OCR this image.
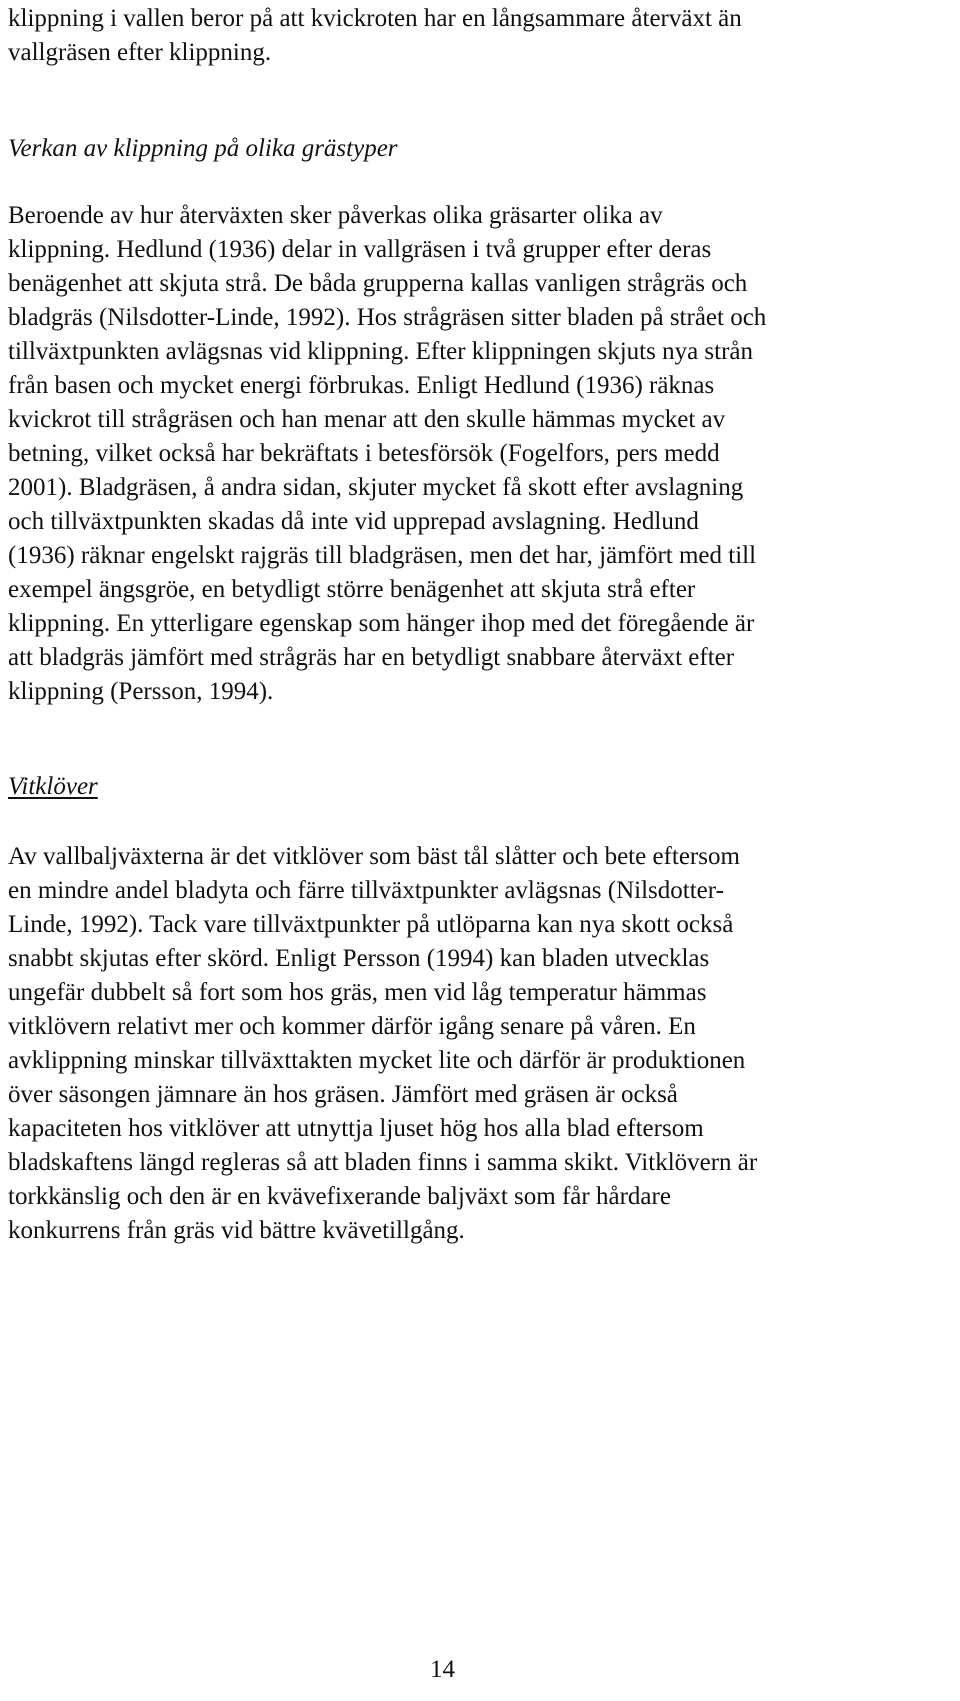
klippning i vallen beror på att kvickroten har en långsammare återväxt än

vallgräsen efter klippning.

Verkan av klippning på olika grästyper

Beroende av hur återväxten sker påverkas olika gräsarter olika av

klippning. Hedlund (1936) delar in vallgräsen i två grupper efter deras

benägenhet att skjuta strå. De båda grupperna kallas vanligen strågräs och

bladgräs (Nilsdotter-Linde, 1992). Hos strågräsen sitter bladen på strået och

tillväxtpunkten avlägsnas vid klippning. Efter klippningen skjuts nya strån

från basen och mycket energi förbrukas. Enligt Hedlund (1936) räknas

kvickrot till strågräsen och han menar att den skulle hämmas mycket av

betning, vilket också har bekräftats i betesförsök (Fogelfors, pers medd

2001). Bladgräsen, å andra sidan, skjuter mycket få skott efter avslagning

och tillväxtpunkten skadas då inte vid upprepad avslagning. Hedlund

(1936) räknar engelskt rajgräs till bladgräsen, men det har, jämfört med till

exempel ängsgröe, en betydligt större benägenhet att skjuta strå efter

klippning. En ytterligare egenskap som hänger ihop med det föregående är

att bladgräs jämfört med strågräs har en betydligt snabbare återväxt efter

klippning (Persson, 1994).

Vitklöver

Av vallbaljväxterna är det vitklöver som bäst tål slåtter och bete eftersom

en mindre andel bladyta och färre tillväxtpunkter avlägsnas (Nilsdotter-

Linde, 1992). Tack vare tillväxtpunkter på utlöparna kan nya skott också

snabbt skjutas efter skörd. Enligt Persson (1994) kan bladen utvecklas

ungefär dubbelt så fort som hos gräs, men vid låg temperatur hämmas

vitklövern relativt mer och kommer därför igång senare på våren. En

avklippning minskar tillväxttakten mycket lite och därför är produktionen

över säsongen jämnare än hos gräsen. Jämfört med gräsen är också

kapaciteten hos vitklöver att utnyttja ljuset hög hos alla blad eftersom

bladskaftens längd regleras så att bladen finns i samma skikt. Vitklövern är

torkkänslig och den är en kvävefixerande baljväxt som får hårdare

konkurrens från gräs vid bättre kvävetillgång.

14
